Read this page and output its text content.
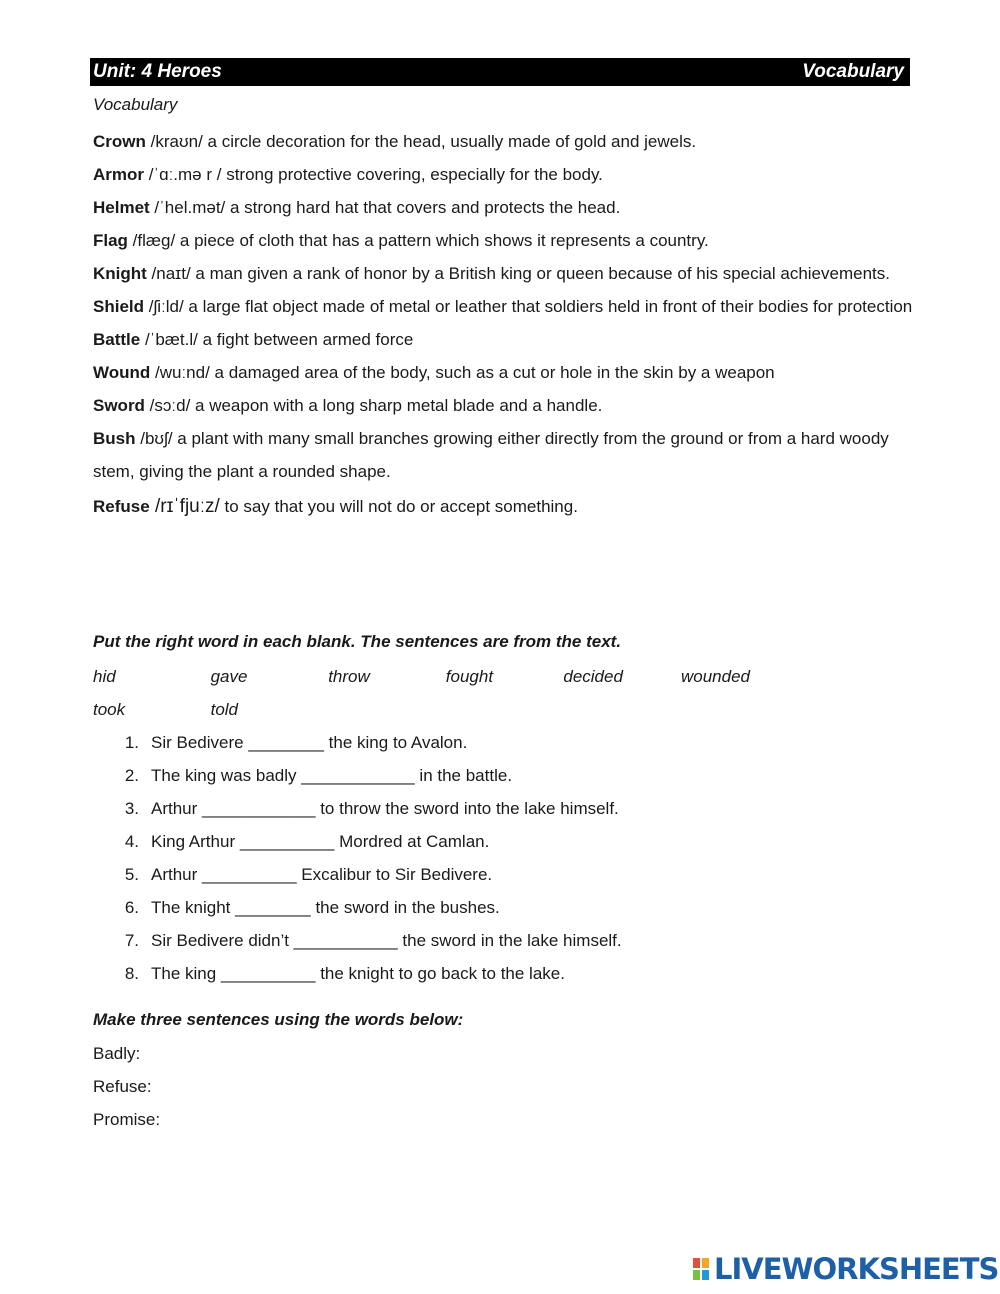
Unit: 4 Heroes	Vocabulary
Vocabulary

Crown /kraʊn/ a circle decoration for the head, usually made of gold and jewels.

Armor /ˈɑː.mə r / strong protective covering, especially for the body.

Helmet /ˈhel.mət/ a strong hard hat that covers and protects the head.

Flag /flæg/ a piece of cloth that has a pattern which shows it represents a country.

Knight /naɪt/ a man given a rank of honor by a British king or queen because of his special achievements.

Shield /ʃiːld/ a large flat object made of metal or leather that soldiers held in front of their bodies for protection

Battle /ˈbæt.l/ a fight between armed force

Wound /wuːnd/ a damaged area of the body, such as a cut or hole in the skin by a weapon

Sword /sɔːd/ a weapon with a long sharp metal blade and a handle.

Bush /bʊʃ/ a plant with many small branches growing either directly from the ground or from a hard woody stem, giving the plant a rounded shape.

Refuse /rɪˈfjuːz/ to say that you will not do or accept something.

Put the right word in each blank. The sentences are from the text.
hid	gave	throw	fought	decided	wounded
took	told
1. Sir Bedivere ________ the king to Avalon.
2. The king was badly ____________ in the battle.
3. Arthur ____________ to throw the sword into the lake himself.
4. King Arthur __________ Mordred at Camlan.
5. Arthur __________ Excalibur to Sir Bedivere.
6. The knight ________ the sword in the bushes.
7. Sir Bedivere didn’t ___________ the sword in the lake himself.
8. The king __________ the knight to go back to the lake.
Make three sentences using the words below:
Badly:
Refuse:
Promise:
LIVEWORKSHEETS
